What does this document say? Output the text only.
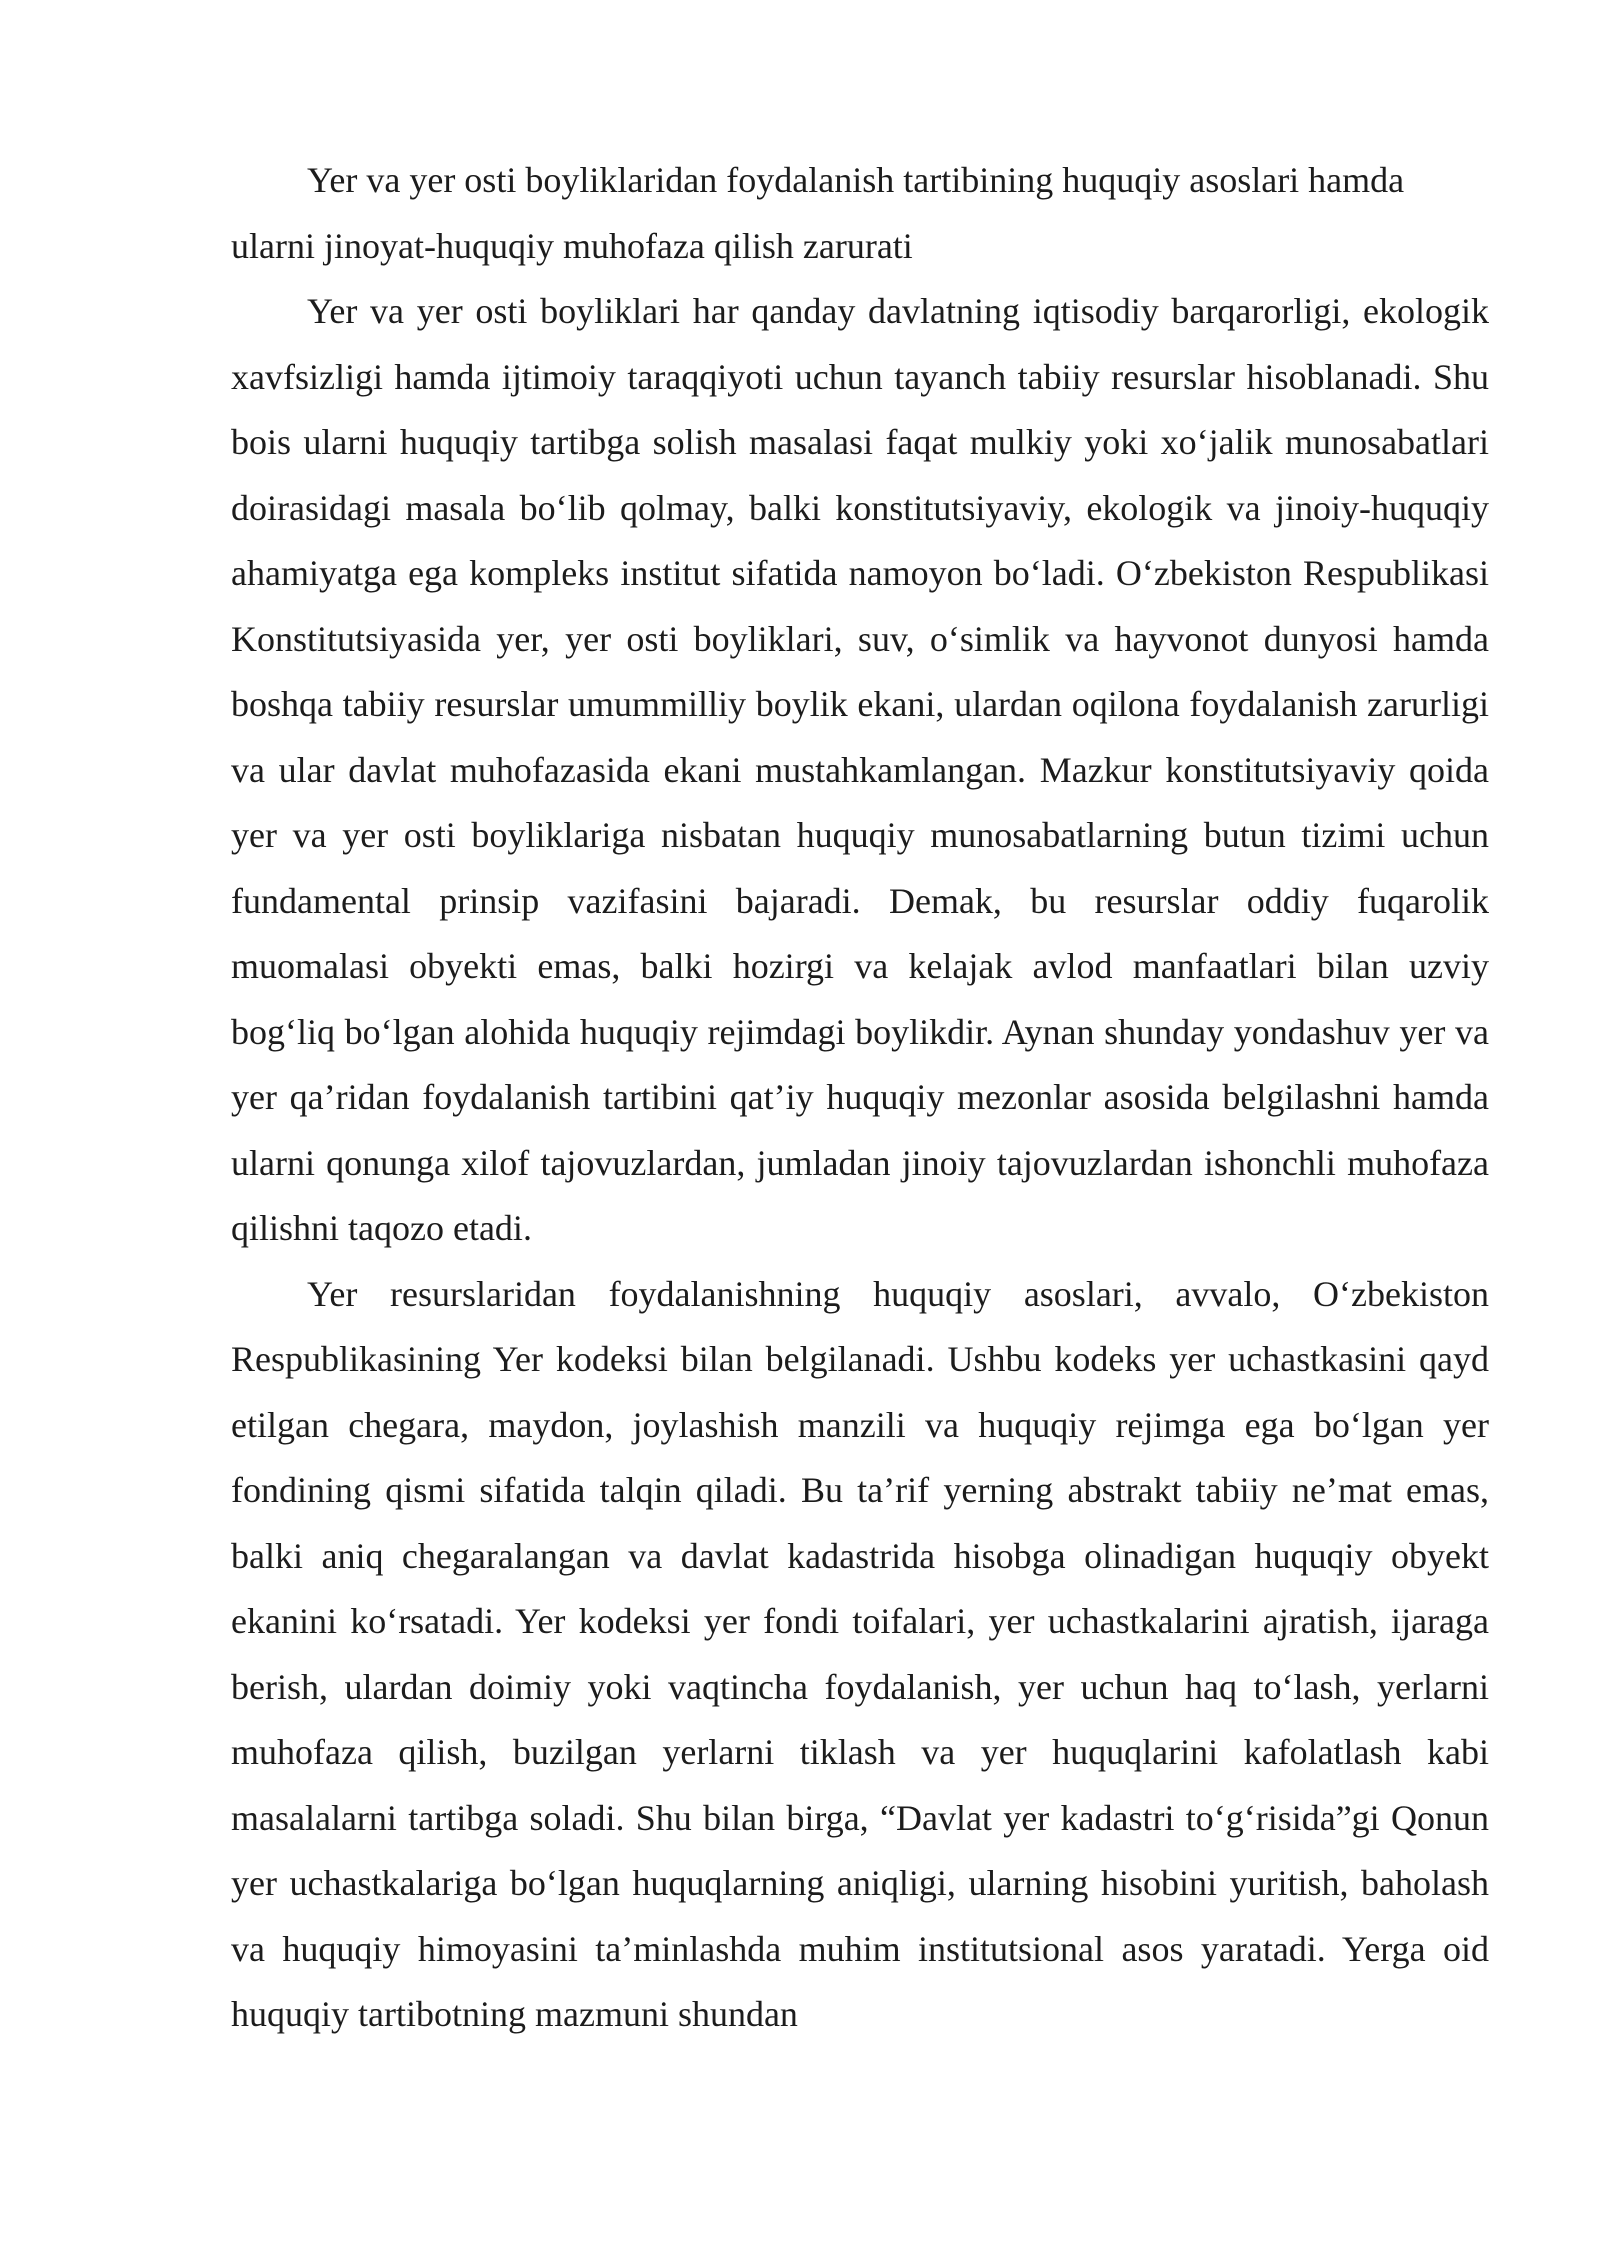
Yer va yer osti boyliklaridan foydalanish tartibining huquqiy asoslari hamda ularni jinoyat-huquqiy muhofaza qilish zarurati

Yer va yer osti boyliklari har qanday davlatning iqtisodiy barqarorligi, ekologik xavfsizligi hamda ijtimoiy taraqqiyoti uchun tayanch tabiiy resurslar hisoblanadi. Shu bois ularni huquqiy tartibga solish masalasi faqat mulkiy yoki xo‘jalik munosabatlari doirasidagi masala bo‘lib qolmay, balki konstitutsiyaviy, ekologik va jinoiy-huquqiy ahamiyatga ega kompleks institut sifatida namoyon bo‘ladi. O‘zbekiston Respublikasi Konstitutsiyasida yer, yer osti boyliklari, suv, o‘simlik va hayvonot dunyosi hamda boshqa tabiiy resurslar umummilliy boylik ekani, ulardan oqilona foydalanish zarurligi va ular davlat muhofazasida ekani mustahkamlangan. Mazkur konstitutsiyaviy qoida yer va yer osti boyliklariga nisbatan huquqiy munosabatlarning butun tizimi uchun fundamental prinsip vazifasini bajaradi. Demak, bu resurslar oddiy fuqarolik muomalasi obyekti emas, balki hozirgi va kelajak avlod manfaatlari bilan uzviy bog‘liq bo‘lgan alohida huquqiy rejimdagi boylikdir. Aynan shunday yondashuv yer va yer qa’ridan foydalanish tartibini qat’iy huquqiy mezonlar asosida belgilashni hamda ularni qonunga xilof tajovuzlardan, jumladan jinoiy tajovuzlardan ishonchli muhofaza qilishni taqozo etadi.

Yer resurslaridan foydalanishning huquqiy asoslari, avvalo, O‘zbekiston Respublikasining Yer kodeksi bilan belgilanadi. Ushbu kodeks yer uchastkasini qayd etilgan chegara, maydon, joylashish manzili va huquqiy rejimga ega bo‘lgan yer fondining qismi sifatida talqin qiladi. Bu ta’rif yerning abstrakt tabiiy ne’mat emas, balki aniq chegaralangan va davlat kadastrida hisobga olinadigan huquqiy obyekt ekanini ko‘rsatadi. Yer kodeksi yer fondi toifalari, yer uchastkalarini ajratish, ijaraga berish, ulardan doimiy yoki vaqtincha foydalanish, yer uchun haq to‘lash, yerlarni muhofaza qilish, buzilgan yerlarni tiklash va yer huquqlarini kafolatlash kabi masalalarni tartibga soladi. Shu bilan birga, “Davlat yer kadastri to‘g‘risida”gi Qonun yer uchastkalariga bo‘lgan huquqlarning aniqligi, ularning hisobini yuritish, baholash va huquqiy himoyasini ta’minlashda muhim institutsional asos yaratadi. Yerga oid huquqiy tartibotning mazmuni shundan
